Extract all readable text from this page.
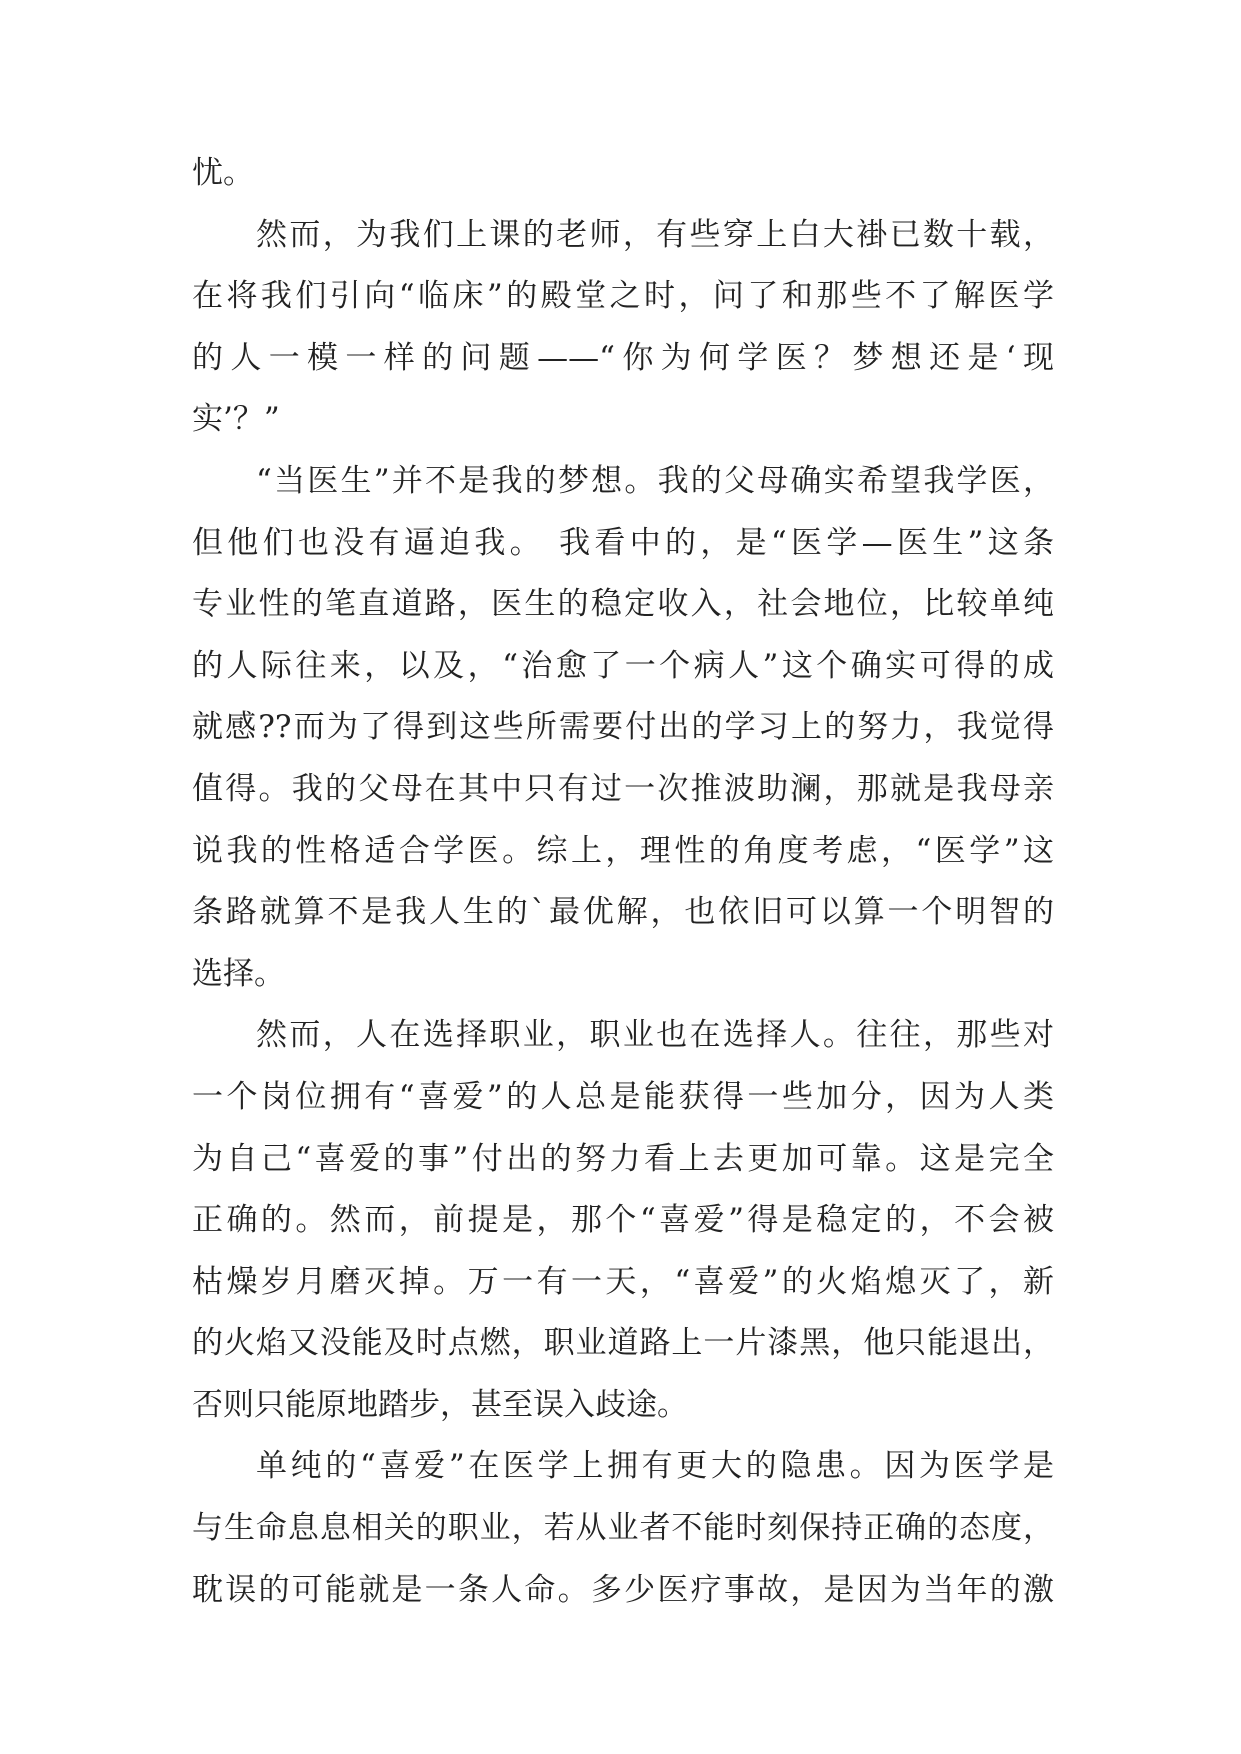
忧。
然而，为我们上课的老师，有些穿上白大褂已数十载，
在将我们引向“临床”的殿堂之时，问了和那些不了解医学
的人一模一样的问题——“你为何学医？梦想还是‘现
实’？”
“当医生”并不是我的梦想。我的父母确实希望我学医，
但他们也没有逼迫我。 我看中的，是“医学—医生”这条
专业性的笔直道路，医生的稳定收入，社会地位，比较单纯
的人际往来，以及，“治愈了一个病人”这个确实可得的成
就感??而为了得到这些所需要付出的学习上的努力，我觉得
值得。我的父母在其中只有过一次推波助澜，那就是我母亲
说我的性格适合学医。综上，理性的角度考虑，“医学”这
条路就算不是我人生的`最优解，也依旧可以算一个明智的
选择。
然而，人在选择职业，职业也在选择人。往往，那些对
一个岗位拥有“喜爱”的人总是能获得一些加分，因为人类
为自己“喜爱的事”付出的努力看上去更加可靠。这是完全
正确的。然而，前提是，那个“喜爱”得是稳定的，不会被
枯燥岁月磨灭掉。万一有一天，“喜爱”的火焰熄灭了，新
的火焰又没能及时点燃，职业道路上一片漆黑，他只能退出，
否则只能原地踏步，甚至误入歧途。
单纯的“喜爱”在医学上拥有更大的隐患。因为医学是
与生命息息相关的职业，若从业者不能时刻保持正确的态度，
耽误的可能就是一条人命。多少医疗事故，是因为当年的激
